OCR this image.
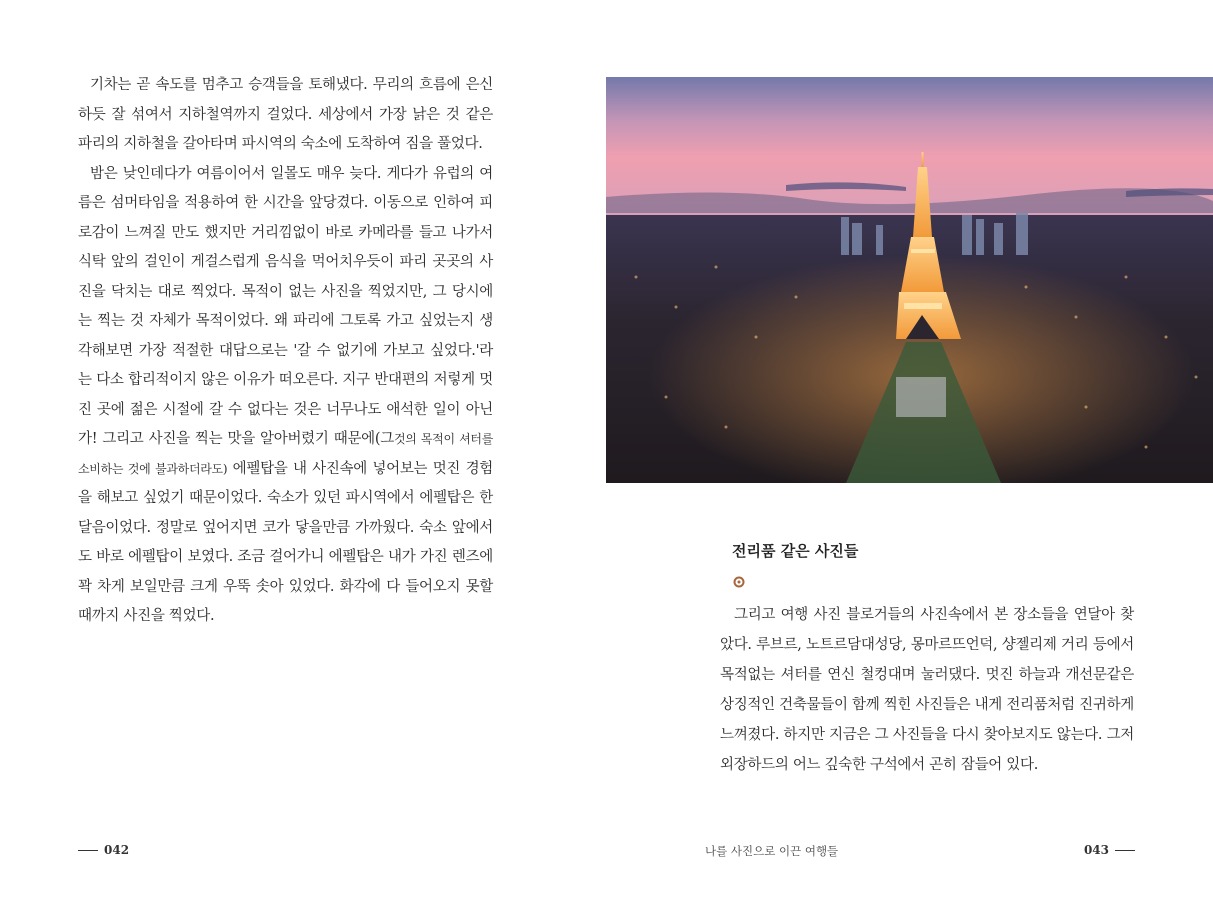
기차는 곧 속도를 멈추고 승객들을 토해냈다. 무리의 흐름에 은신하듯 잘 섞여서 지하철역까지 걸었다. 세상에서 가장 낡은 것 같은 파리의 지하철을 갈아타며 파시역의 숙소에 도착하여 짐을 풀었다.

밤은 낮인데다가 여름이어서 일몰도 매우 늦다. 게다가 유럽의 여름은 섬머타임을 적용하여 한 시간을 앞당겼다. 이동으로 인하여 피로감이 느껴질 만도 했지만 거리낌없이 바로 카메라를 들고 나가서 식탁 앞의 걸인이 게걸스럽게 음식을 먹어치우듯이 파리 곳곳의 사진을 닥치는 대로 찍었다. 목적이 없는 사진을 찍었지만, 그 당시에는 찍는 것 자체가 목적이었다. 왜 파리에 그토록 가고 싶었는지 생각해보면 가장 적절한 대답으로는 '갈 수 없기에 가보고 싶었다.'라는 다소 합리적이지 않은 이유가 떠오른다. 지구 반대편의 저렇게 멋진 곳에 젊은 시절에 갈 수 없다는 것은 너무나도 애석한 일이 아닌가! 그리고 사진을 찍는 맛을 알아버렸기 때문에(그것의 목적이 셔터를 소비하는 것에 불과하더라도) 에펠탑을 내 사진속에 넣어보는 멋진 경험을 해보고 싶었기 때문이었다. 숙소가 있던 파시역에서 에펠탑은 한달음이었다. 정말로 엎어지면 코가 닿을만큼 가까웠다. 숙소 앞에서도 바로 에펠탑이 보였다. 조금 걸어가니 에펠탑은 내가 가진 렌즈에 꽉 차게 보일만큼 크게 우뚝 솟아 있었다. 화각에 다 들어오지 못할 때까지 사진을 찍었다.

전리품 같은 사진들

그리고 여행 사진 블로거들의 사진속에서 본 장소들을 연달아 찾았다. 루브르, 노트르담대성당, 몽마르뜨언덕, 샹젤리제 거리 등에서 목적없는 셔터를 연신 철컹대며 눌러댔다. 멋진 하늘과 개선문같은 상징적인 건축물들이 함께 찍힌 사진들은 내게 전리품처럼 진귀하게 느껴졌다. 하지만 지금은 그 사진들을 다시 찾아보지도 않는다. 그저 외장하드의 어느 깊숙한 구석에서 곤히 잠들어 있다.

042	나를 사진으로 이끈 여행들	043
